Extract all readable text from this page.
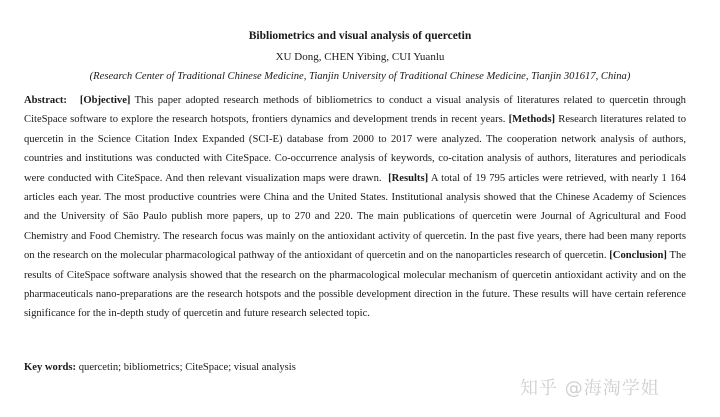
Bibliometrics and visual analysis of quercetin
XU Dong, CHEN Yibing, CUI Yuanlu
(Research Center of Traditional Chinese Medicine, Tianjin University of Traditional Chinese Medicine, Tianjin 301617, China)

Abstract: [Objective] This paper adopted research methods of bibliometrics to conduct a visual analysis of literatures related to quercetin through CiteSpace software to explore the research hotspots, frontiers dynamics and development trends in recent years. [Methods] Research literatures related to quercetin in the Science Citation Index Expanded (SCI-E) database from 2000 to 2017 were analyzed. The cooperation network analysis of authors, countries and institutions was conducted with CiteSpace. Co-occurrence analysis of keywords, co-citation analysis of authors, literatures and periodicals were conducted with CiteSpace. And then relevant visualization maps were drawn. [Results] A total of 19 795 articles were retrieved, with nearly 1 164 articles each year. The most productive countries were China and the United States. Institutional analysis showed that the Chinese Academy of Sciences and the University of São Paulo publish more papers, up to 270 and 220. The main publications of quercetin were Journal of Agricultural and Food Chemistry and Food Chemistry. The research focus was mainly on the antioxidant activity of quercetin. In the past five years, there had been many reports on the research on the molecular pharmacological pathway of the antioxidant of quercetin and on the nanoparticles research of quercetin. [Conclusion] The results of CiteSpace software analysis showed that the research on the pharmacological molecular mechanism of quercetin antioxidant activity and on the pharmaceuticals nano-preparations are the research hotspots and the possible development direction in the future. These results will have certain reference significance for the in-depth study of quercetin and future research selected topic.

Key words: quercetin; bibliometrics; CiteSpace; visual analysis
知乎 @海淘学姐
